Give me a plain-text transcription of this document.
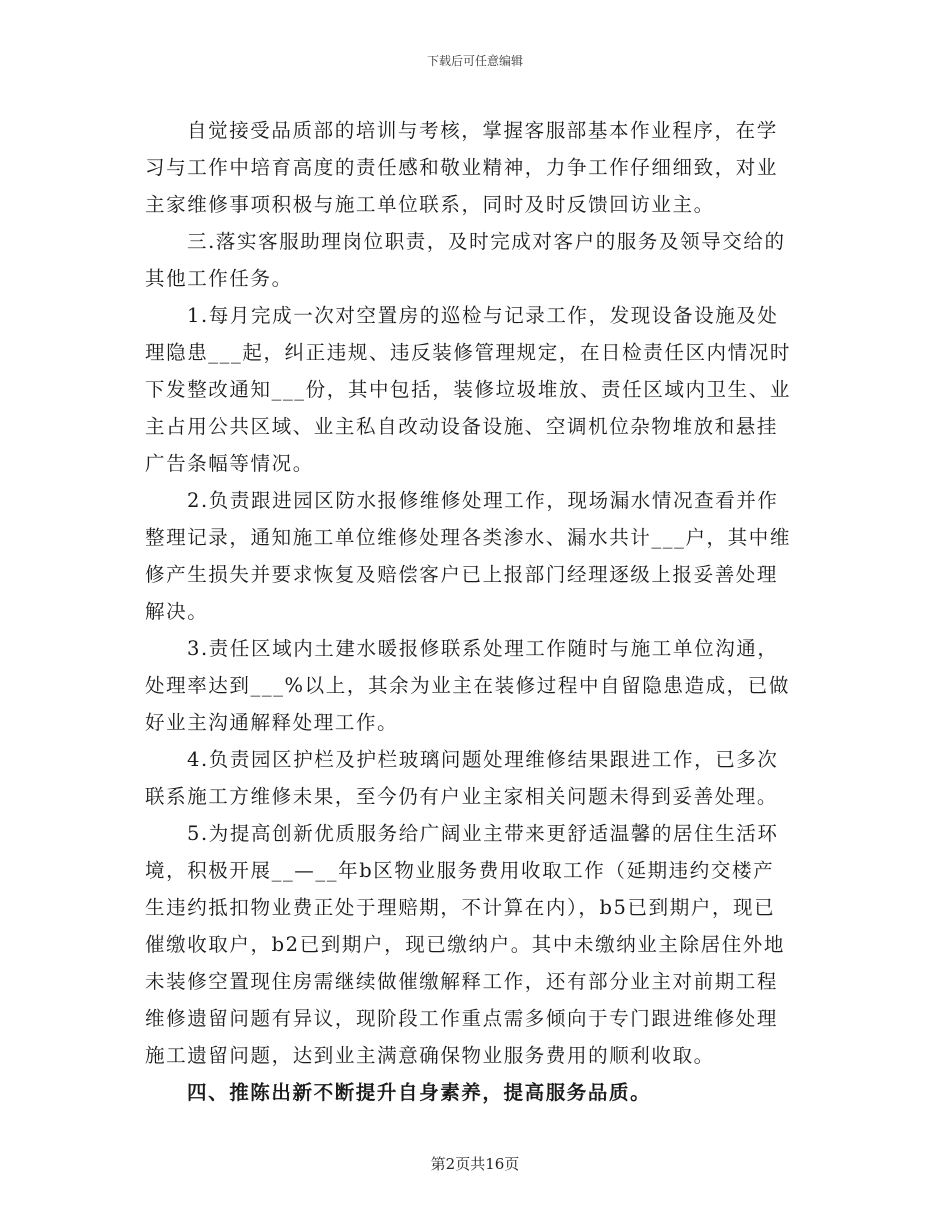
下载后可任意编辑
自觉接受品质部的培训与考核，掌握客服部基本作业程序，在学
习与工作中培育高度的责任感和敬业精神，力争工作仔细细致，对业
主家维修事项积极与施工单位联系，同时及时反馈回访业主。
三.落实客服助理岗位职责，及时完成对客户的服务及领导交给的
其他工作任务。
1.每月完成一次对空置房的巡检与记录工作，发现设备设施及处
理隐患___起，纠正违规、违反装修管理规定，在日检责任区内情况时
下发整改通知___份，其中包括，装修垃圾堆放、责任区域内卫生、业
主占用公共区域、业主私自改动设备设施、空调机位杂物堆放和悬挂
广告条幅等情况。
2.负责跟进园区防水报修维修处理工作，现场漏水情况查看并作
整理记录，通知施工单位维修处理各类渗水、漏水共计___户，其中维
修产生损失并要求恢复及赔偿客户已上报部门经理逐级上报妥善处理
解决。
3.责任区域内土建水暖报修联系处理工作随时与施工单位沟通，
处理率达到___%以上，其余为业主在装修过程中自留隐患造成，已做
好业主沟通解释处理工作。
4.负责园区护栏及护栏玻璃问题处理维修结果跟进工作，已多次
联系施工方维修未果，至今仍有户业主家相关问题未得到妥善处理。
5.为提高创新优质服务给广阔业主带来更舒适温馨的居住生活环
境，积极开展__—__年b区物业服务费用收取工作（延期违约交楼产
生违约抵扣物业费正处于理赔期，不计算在内），b5已到期户，现已
催缴收取户，b2已到期户，现已缴纳户。其中未缴纳业主除居住外地
未装修空置现住房需继续做催缴解释工作，还有部分业主对前期工程
维修遗留问题有异议，现阶段工作重点需多倾向于专门跟进维修处理
施工遗留问题，达到业主满意确保物业服务费用的顺利收取。
四、推陈出新不断提升自身素养，提高服务品质。
第2页共16页
